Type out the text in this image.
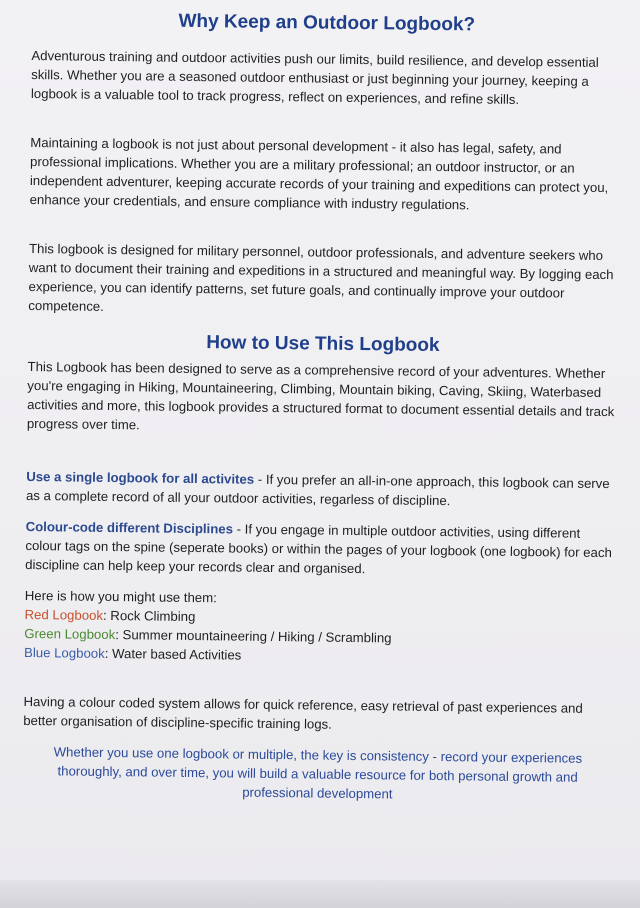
Why Keep an Outdoor Logbook?

Adventurous training and outdoor activities push our limits, build resilience, and develop essential skills. Whether you are a seasoned outdoor enthusiast or just beginning your journey, keeping a logbook is a valuable tool to track progress, reflect on experiences, and refine skills.

Maintaining a logbook is not just about personal development - it also has legal, safety, and professional implications. Whether you are a military professional; an outdoor instructor, or an independent adventurer, keeping accurate records of your training and expeditions can protect you, enhance your credentials, and ensure compliance with industry regulations.

This logbook is designed for military personnel, outdoor professionals, and adventure seekers who want to document their training and expeditions in a structured and meaningful way. By logging each experience, you can identify patterns, set future goals, and continually improve your outdoor competence.

How to Use This Logbook

This Logbook has been designed to serve as a comprehensive record of your adventures. Whether you're engaging in Hiking, Mountaineering, Climbing, Mountain biking, Caving, Skiing, Waterbased activities and more, this logbook provides a structured format to document essential details and track progress over time.

Use a single logbook for all activites - If you prefer an all-in-one approach, this logbook can serve as a complete record of all your outdoor activities, regarless of discipline.

Colour-code different Disciplines - If you engage in multiple outdoor activities, using different colour tags on the spine (seperate books) or within the pages of your logbook (one logbook) for each discipline can help keep your records clear and organised.

Here is how you might use them:

Red Logbook: Rock Climbing

Green Logbook: Summer mountaineering / Hiking / Scrambling

Blue Logbook: Water based Activities

Having a colour coded system allows for quick reference, easy retrieval of past experiences and better organisation of discipline-specific training logs.

Whether you use one logbook or multiple, the key is consistency - record your experiences thoroughly, and over time, you will build a valuable resource for both personal growth and professional development
